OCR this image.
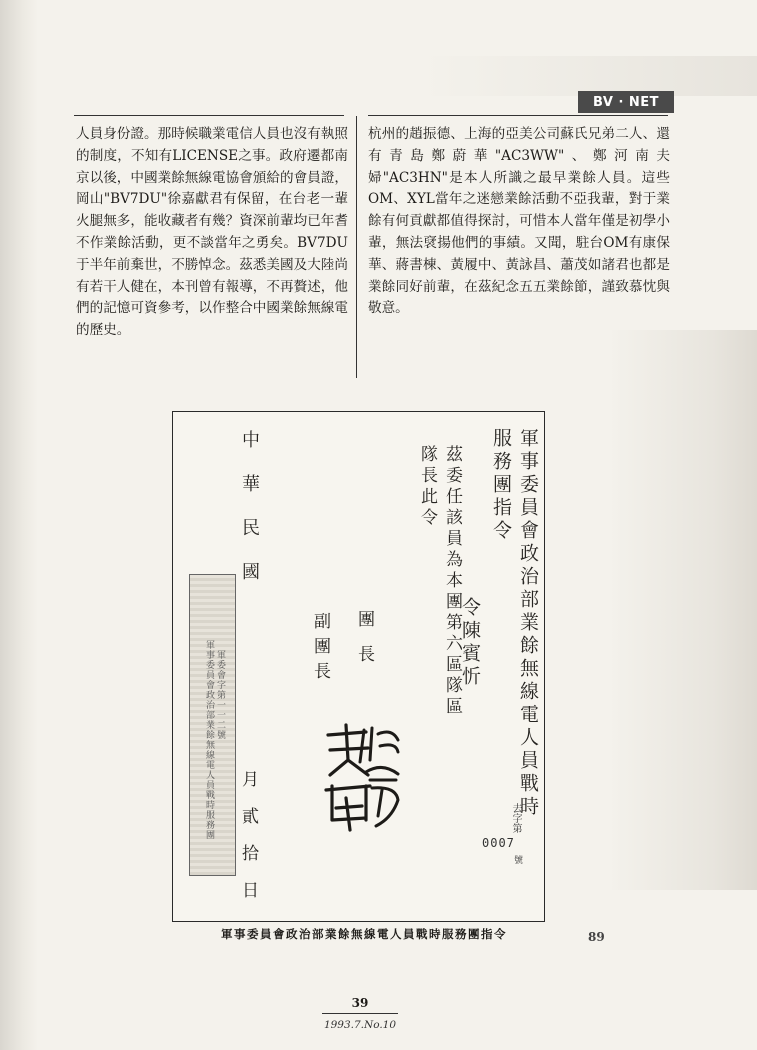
BV · NET

人員身份證。那時候職業電信人員也沒有執照的制度，不知有LICENSE之事。政府遷都南京以後，中國業餘無線電協會頒給的會員證，岡山"BV7DU"徐嘉獻君有保留，在台老一輩火腿無多，能收藏者有幾？資深前輩均已年耆不作業餘活動，更不談當年之勇矣。BV7DU于半年前棄世，不勝悼念。茲悉美國及大陸尚有若干人健在，本刊曾有報導，不再贅述，他們的記憶可資參考，以作整合中國業餘無線電的歷史。

杭州的趙振德、上海的亞美公司蘇氏兄弟二人、還有青島鄭蔚華"AC3WW"、鄭河南夫婦"AC3HN"是本人所識之最早業餘人員。這些OM、XYL當年之迷戀業餘活動不亞我輩，對于業餘有何貢獻都值得探討，可惜本人當年僅是初學小輩，無法裦揚他們的事績。又聞，駐台OM有康保華、蔣書棟、黃履中、黃詠昌、蕭茂如諸君也都是業餘同好前輩，在茲紀念五五業餘節，謹致慕忱與敬意。

軍事委員會政治部業餘無線電人員戰時服務團指令
去字第
0007
號
令陳賓忻
茲委任該員為本團第六區隊區隊長此令
團長
副團長
中華民國
月貳拾日
軍事委員會政治部業餘無線電人員戰時服務團 軍委會字第一一二號
軍事委員會政治部業餘無線電人員戰時服務團指令	89
39
1993.7.No.10
